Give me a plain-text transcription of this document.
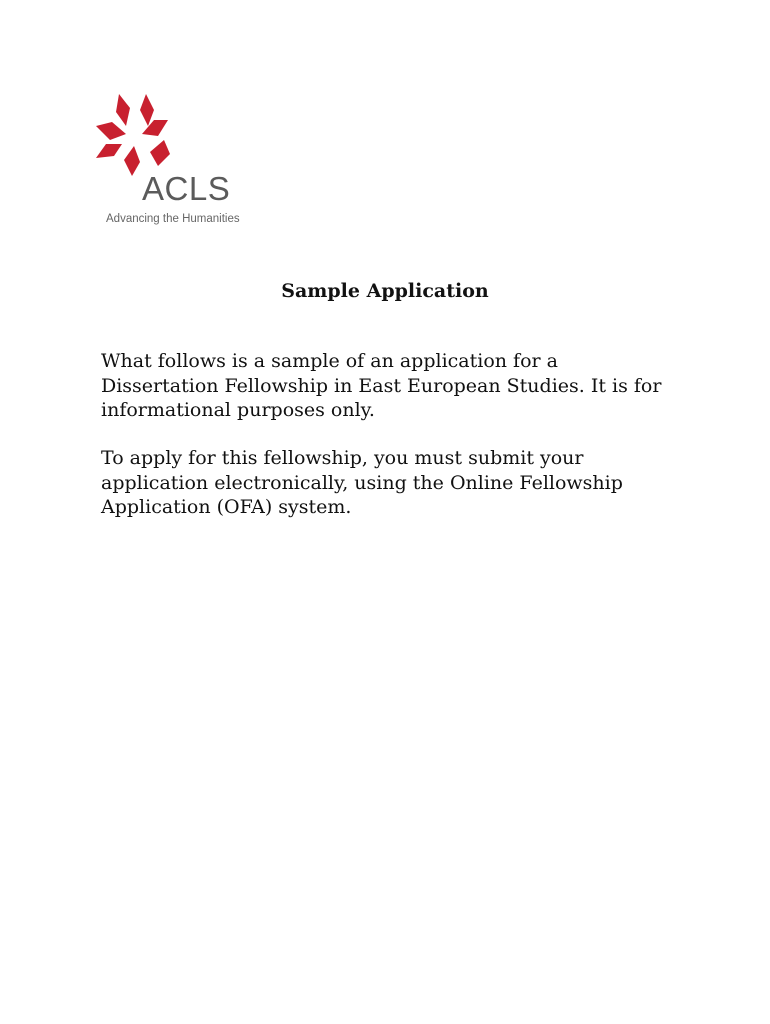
ACLS
Advancing the Humanities
Sample Application

What follows is a sample of an application for a Dissertation Fellowship in East European Studies. It is for informational purposes only.

To apply for this fellowship, you must submit your application electronically, using the Online Fellowship Application (OFA) system.
